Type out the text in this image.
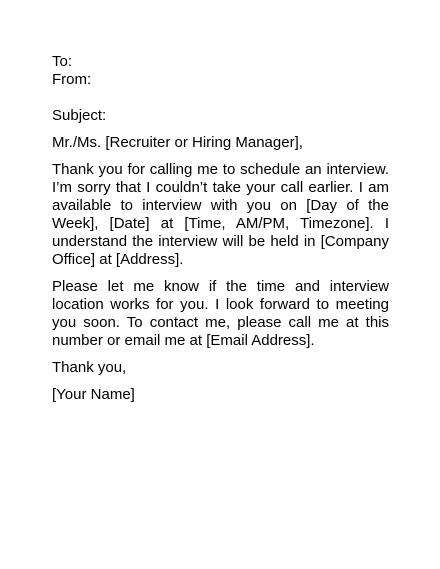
To:
From:
Subject:
Mr./Ms. [Recruiter or Hiring Manager],

Thank you for calling me to schedule an interview. I’m sorry that I couldn’t take your call earlier. I am available to interview with you on [Day of the Week], [Date] at [Time, AM/PM, Timezone]. I understand the interview will be held in [Company Office] at [Address].

Please let me know if the time and interview location works for you. I look forward to meeting you soon. To contact me, please call me at this number or email me at [Email Address].

Thank you,
[Your Name]
